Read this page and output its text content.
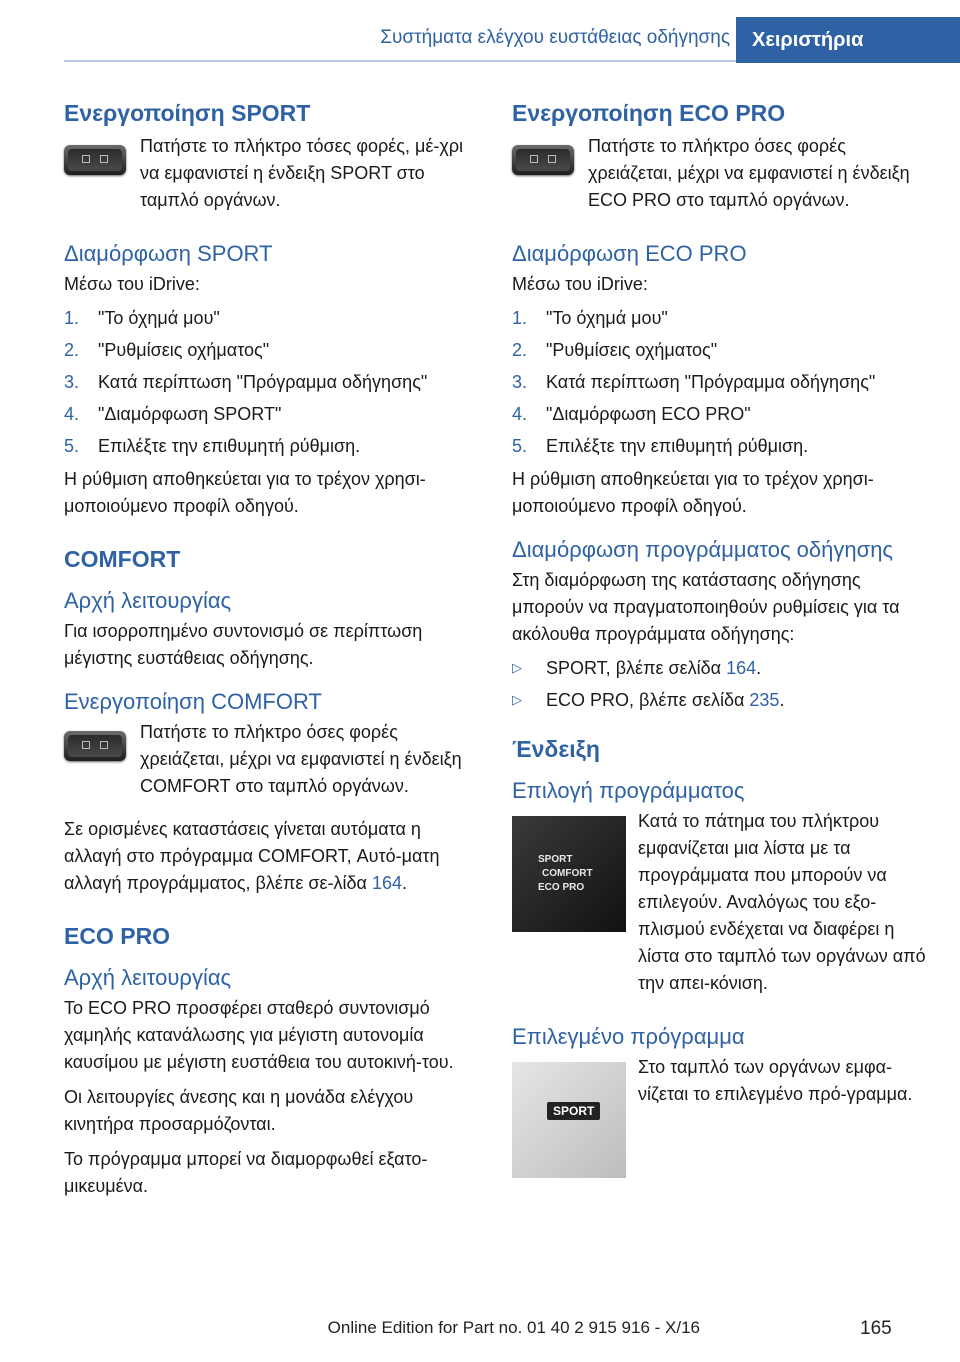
Συστήματα ελέγχου ευστάθειας οδήγησης	Χειριστήρια
Ενεργοποίηση SPORT

Πατήστε το πλήκτρο τόσες φορές, μέ-χρι να εμφανιστεί η ένδειξη SPORT στο ταμπλό οργάνων.

Διαμόρφωση SPORT

Μέσω του iDrive:

1.	"Το όχημά μου"
2.	"Ρυθμίσεις οχήματος"
3.	Κατά περίπτωση "Πρόγραμμα οδήγησης"
4.	"Διαμόρφωση SPORT"
5.	Επιλέξτε την επιθυμητή ρύθμιση.

Η ρύθμιση αποθηκεύεται για το τρέχον χρησι-μοποιούμενο προφίλ οδηγού.

COMFORT
Αρχή λειτουργίας

Για ισορροπημένο συντονισμό σε περίπτωση μέγιστης ευστάθειας οδήγησης.

Ενεργοποίηση COMFORT

Πατήστε το πλήκτρο όσες φορές χρειάζεται, μέχρι να εμφανιστεί η ένδειξη COMFORT στο ταμπλό οργάνων.

Σε ορισμένες καταστάσεις γίνεται αυτόματα η αλλαγή στο πρόγραμμα COMFORT, Αυτό-ματη αλλαγή προγράμματος, βλέπε σε-λίδα 164.

ECO PRO
Αρχή λειτουργίας

Το ECO PRO προσφέρει σταθερό συντονισμό χαμηλής κατανάλωσης για μέγιστη αυτονομία καυσίμου με μέγιστη ευστάθεια του αυτοκινή-του.

Οι λειτουργίες άνεσης και η μονάδα ελέγχου κινητήρα προσαρμόζονται.

Το πρόγραμμα μπορεί να διαμορφωθεί εξατο-μικευμένα.

Ενεργοποίηση ECO PRO

Πατήστε το πλήκτρο όσες φορές χρειάζεται, μέχρι να εμφανιστεί η ένδειξη ECO PRO στο ταμπλό οργάνων.

Διαμόρφωση ECO PRO

Μέσω του iDrive:

1.	"Το όχημά μου"
2.	"Ρυθμίσεις οχήματος"
3.	Κατά περίπτωση "Πρόγραμμα οδήγησης"
4.	"Διαμόρφωση ECO PRO"
5.	Επιλέξτε την επιθυμητή ρύθμιση.

Η ρύθμιση αποθηκεύεται για το τρέχον χρησι-μοποιούμενο προφίλ οδηγού.

Διαμόρφωση προγράμματος οδήγησης

Στη διαμόρφωση της κατάστασης οδήγησης μπορούν να πραγματοποιηθούν ρυθμίσεις για τα ακόλουθα προγράμματα οδήγησης:

▷	SPORT, βλέπε σελίδα 164.
▷	ECO PRO, βλέπε σελίδα 235.
Ένδειξη
Επιλογή προγράμματος
SPORT
COMFORT
ECO PRO

Κατά το πάτημα του πλήκτρου εμφανίζεται μια λίστα με τα προγράμματα που μπορούν να επιλεγούν. Αναλόγως του εξο-πλισμού ενδέχεται να διαφέρει η λίστα στο ταμπλό των οργάνων από την απει-κόνιση.

Επιλεγμένο πρόγραμμα
SPORT

Στο ταμπλό των οργάνων εμφα-νίζεται το επιλεγμένο πρό-γραμμα.

Online Edition for Part no. 01 40 2 915 916 - X/16	165
